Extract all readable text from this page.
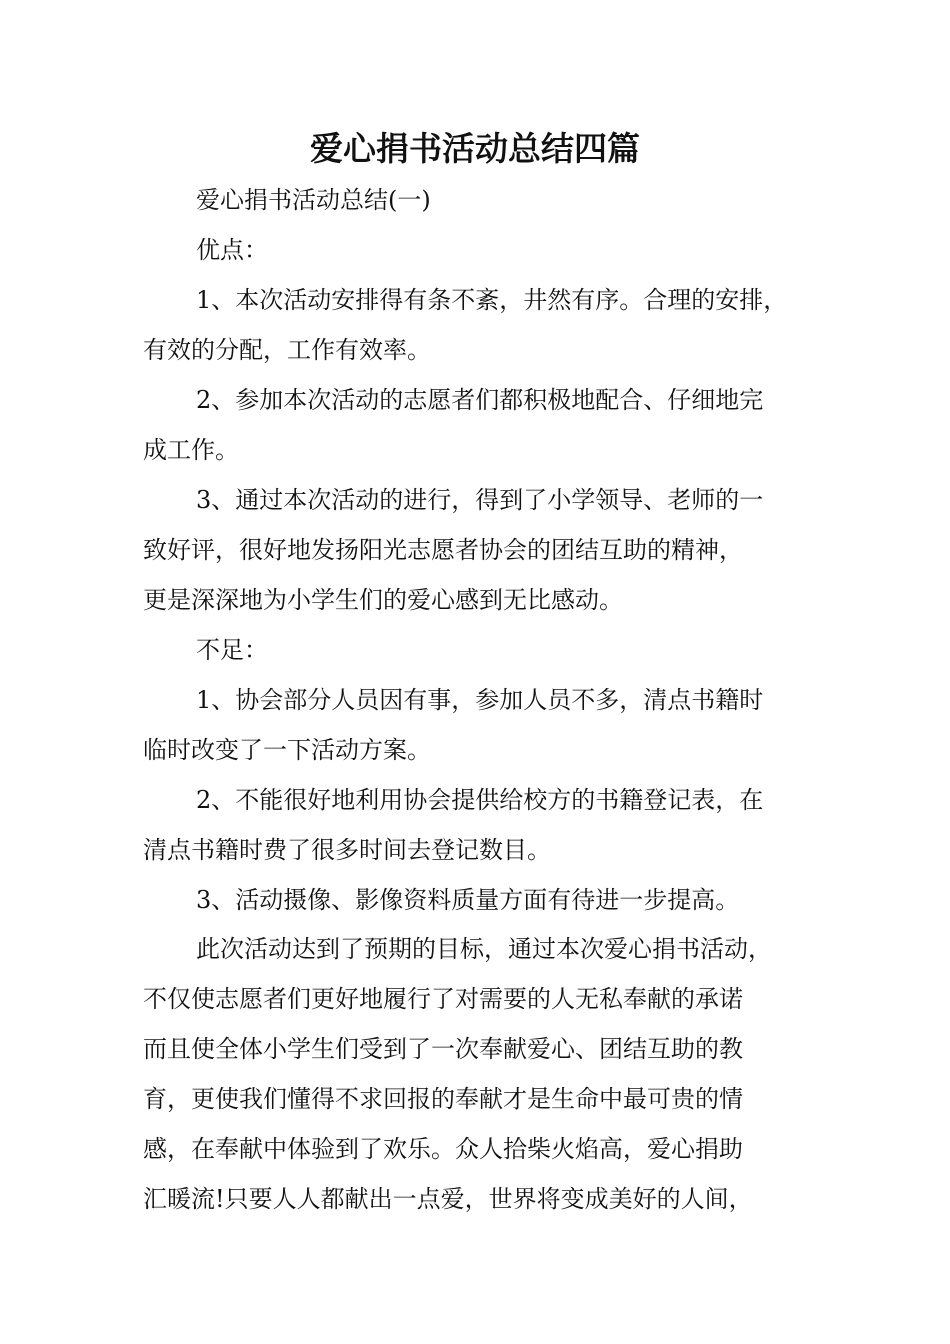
爱心捐书活动总结四篇
爱心捐书活动总结(一)
优点：
1、本次活动安排得有条不紊，井然有序。合理的安排，
有效的分配，工作有效率。
2、参加本次活动的志愿者们都积极地配合、仔细地完
成工作。
3、通过本次活动的进行，得到了小学领导、老师的一
致好评，很好地发扬阳光志愿者协会的团结互助的精神，
更是深深地为小学生们的爱心感到无比感动。
不足：
1、协会部分人员因有事，参加人员不多，清点书籍时
临时改变了一下活动方案。
2、不能很好地利用协会提供给校方的书籍登记表，在
清点书籍时费了很多时间去登记数目。
3、活动摄像、影像资料质量方面有待进一步提高。
此次活动达到了预期的目标，通过本次爱心捐书活动，
不仅使志愿者们更好地履行了对需要的人无私奉献的承诺
而且使全体小学生们受到了一次奉献爱心、团结互助的教
育，更使我们懂得不求回报的奉献才是生命中最可贵的情
感，在奉献中体验到了欢乐。众人拾柴火焰高，爱心捐助
汇暖流!只要人人都献出一点爱，世界将变成美好的人间，
